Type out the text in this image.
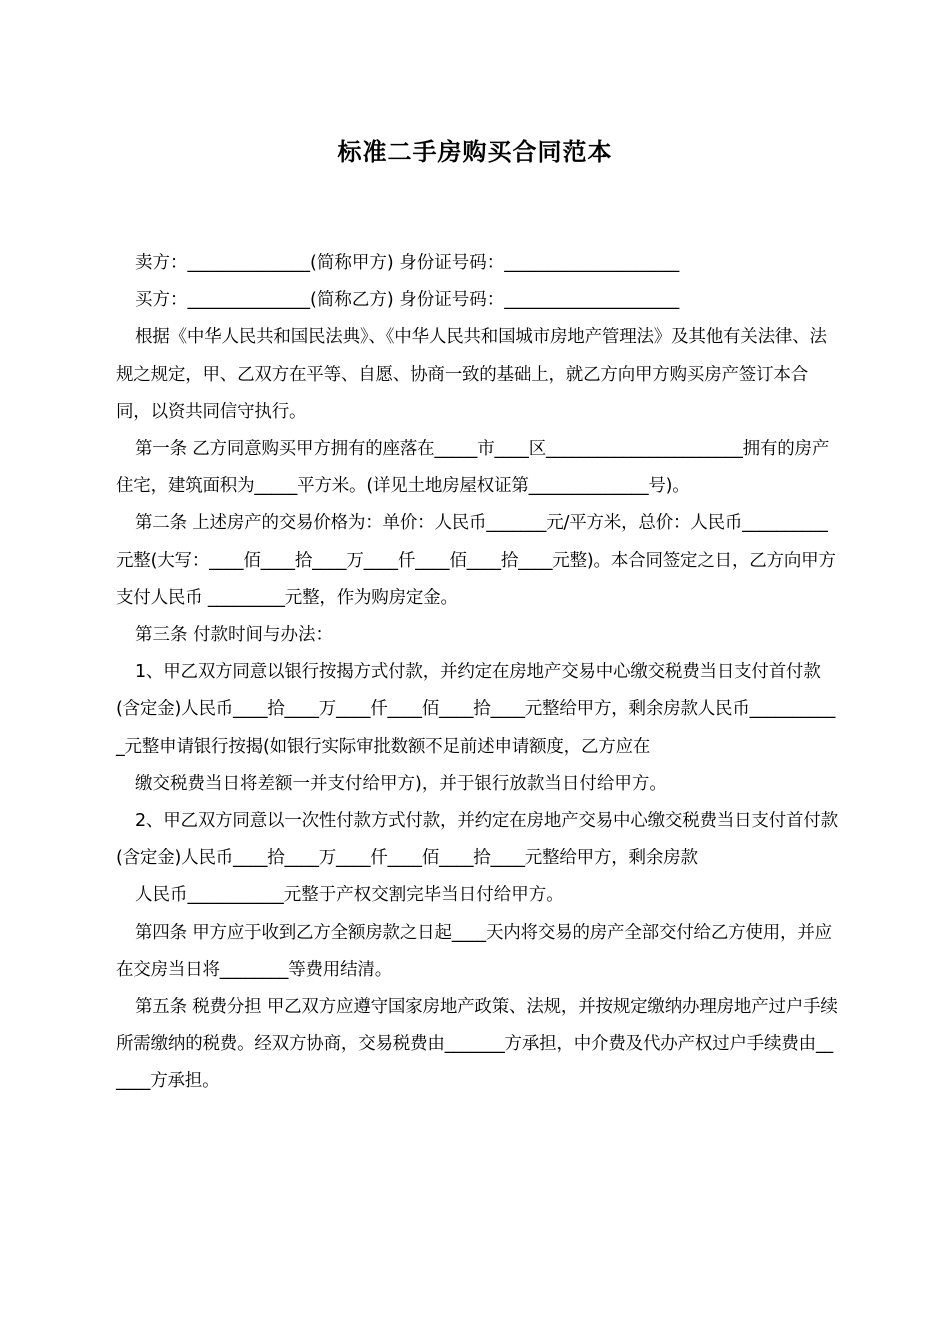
标准二手房购买合同范本

卖方：______________(简称甲方) 身份证号码：____________________

买方：______________(简称乙方) 身份证号码：____________________

根据《中华人民共和国民法典》、《中华人民共和国城市房地产管理法》及其他有关法律、法规之规定，甲、乙双方在平等、自愿、协商一致的基础上，就乙方向甲方购买房产签订本合同，以资共同信守执行。

第一条 乙方同意购买甲方拥有的座落在_____市____区_______________________拥有的房产住宅，建筑面积为_____平方米。(详见土地房屋权证第______________号)。

第二条 上述房产的交易价格为：单价：人民币_______元/平方米，总价：人民币__________元整(大写：____佰____拾____万____仟____佰____拾____元整)。本合同签定之日，乙方向甲方支付人民币 _________元整，作为购房定金。

第三条 付款时间与办法：

1、甲乙双方同意以银行按揭方式付款，并约定在房地产交易中心缴交税费当日支付首付款(含定金)人民币____拾____万____仟____佰____拾____元整给甲方，剩余房款人民币___________元整申请银行按揭(如银行实际审批数额不足前述申请额度，乙方应在

缴交税费当日将差额一并支付给甲方)，并于银行放款当日付给甲方。

2、甲乙双方同意以一次性付款方式付款，并约定在房地产交易中心缴交税费当日支付首付款(含定金)人民币____拾____万____仟____佰____拾____元整给甲方，剩余房款

人民币___________元整于产权交割完毕当日付给甲方。

第四条 甲方应于收到乙方全额房款之日起____天内将交易的房产全部交付给乙方使用，并应在交房当日将________等费用结清。

第五条 税费分担 甲乙双方应遵守国家房地产政策、法规，并按规定缴纳办理房地产过户手续所需缴纳的税费。经双方协商，交易税费由_______方承担，中介费及代办产权过户手续费由______方承担。
